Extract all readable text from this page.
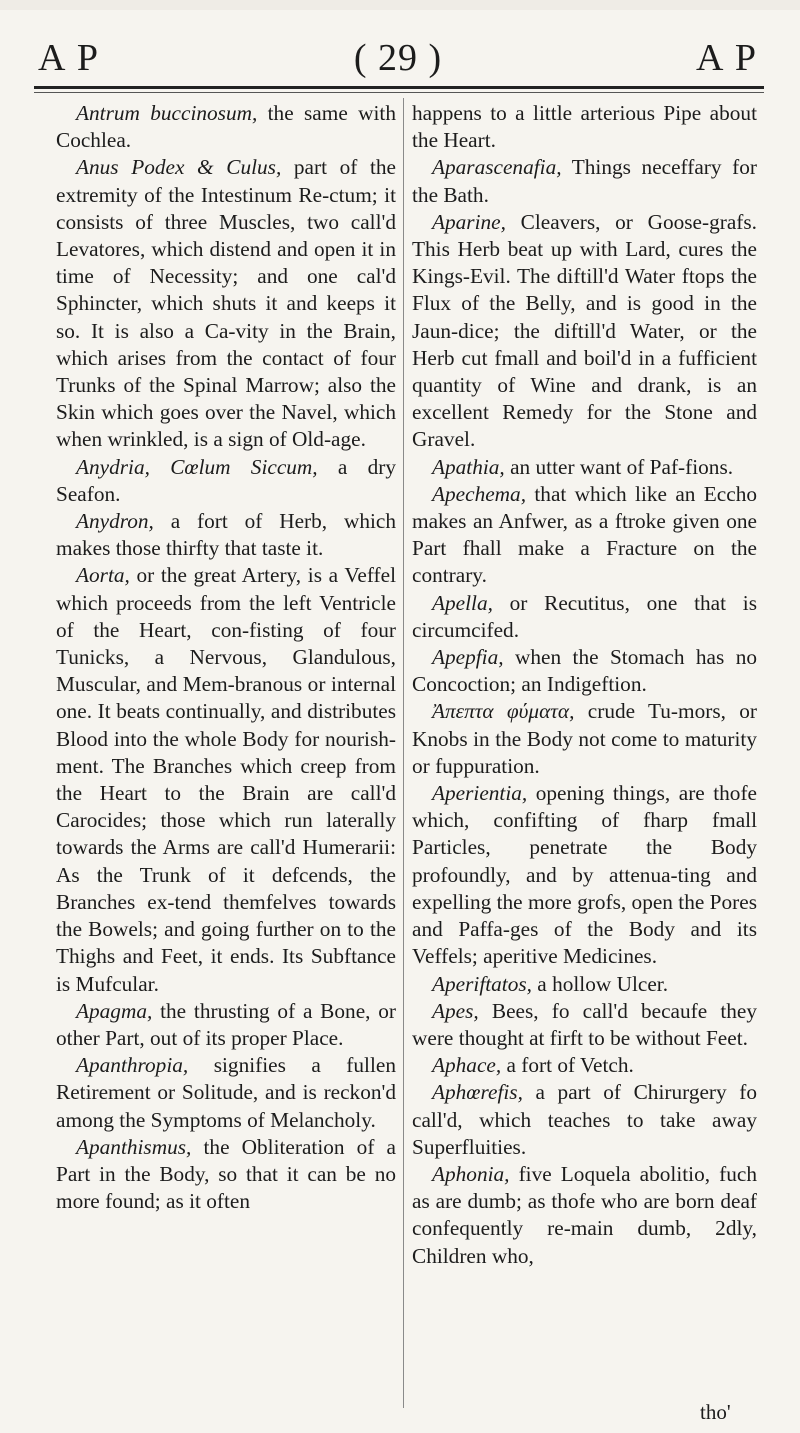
A P	( 29 )	A P

Antrum buccinosum, the same with Cochlea.

Anus Podex & Culus, part of the extremity of the Intestinum Re-ctum; it consists of three Muscles, two call'd Levatores, which distend and open it in time of Necessity; and one cal'd Sphincter, which shuts it and keeps it so. It is also a Ca-vity in the Brain, which arises from the contact of four Trunks of the Spinal Marrow; also the Skin which goes over the Navel, which when wrinkled, is a sign of Old-age.

Anydria, Cœlum Siccum, a dry Seafon.

Anydron, a fort of Herb, which makes those thirfty that taste it.

Aorta, or the great Artery, is a Veffel which proceeds from the left Ventricle of the Heart, con-fisting of four Tunicks, a Nervous, Glandulous, Muscular, and Mem-branous or internal one. It beats continually, and distributes Blood into the whole Body for nourish-ment. The Branches which creep from the Heart to the Brain are call'd Carocides; those which run laterally towards the Arms are call'd Humerarii: As the Trunk of it defcends, the Branches ex-tend themfelves towards the Bowels; and going further on to the Thighs and Feet, it ends. Its Subftance is Mufcular.

Apagma, the thrusting of a Bone, or other Part, out of its proper Place.

Apanthropia, signifies a fullen Retirement or Solitude, and is reckon'd among the Symptoms of Melancholy.

Apanthismus, the Obliteration of a Part in the Body, so that it can be no more found; as it often

happens to a little arterious Pipe about the Heart.

Aparascenafia, Things neceffary for the Bath.

Aparine, Cleavers, or Goose-grafs. This Herb beat up with Lard, cures the Kings-Evil. The diftill'd Water ftops the Flux of the Belly, and is good in the Jaun-dice; the diftill'd Water, or the Herb cut fmall and boil'd in a fufficient quantity of Wine and drank, is an excellent Remedy for the Stone and Gravel.

Apathia, an utter want of Paf-fions.

Apechema, that which like an Eccho makes an Anfwer, as a ftroke given one Part fhall make a Fracture on the contrary.

Apella, or Recutitus, one that is circumcifed.

Apepfia, when the Stomach has no Concoction; an Indigeftion.

Ἀπεπτα φύματα, crude Tu-mors, or Knobs in the Body not come to maturity or fuppuration.

Aperientia, opening things, are thofe which, confifting of fharp fmall Particles, penetrate the Body profoundly, and by attenua-ting and expelling the more grofs, open the Pores and Paffa-ges of the Body and its Veffels; aperitive Medicines.

Aperiftatos, a hollow Ulcer.

Apes, Bees, fo call'd becaufe they were thought at firft to be without Feet.

Aphace, a fort of Vetch.

Aphœrefis, a part of Chirurgery fo call'd, which teaches to take away Superfluities.

Aphonia, five Loquela abolitio, fuch as are dumb; as thofe who are born deaf confequently re-main dumb, 2dly, Children who,

tho'
